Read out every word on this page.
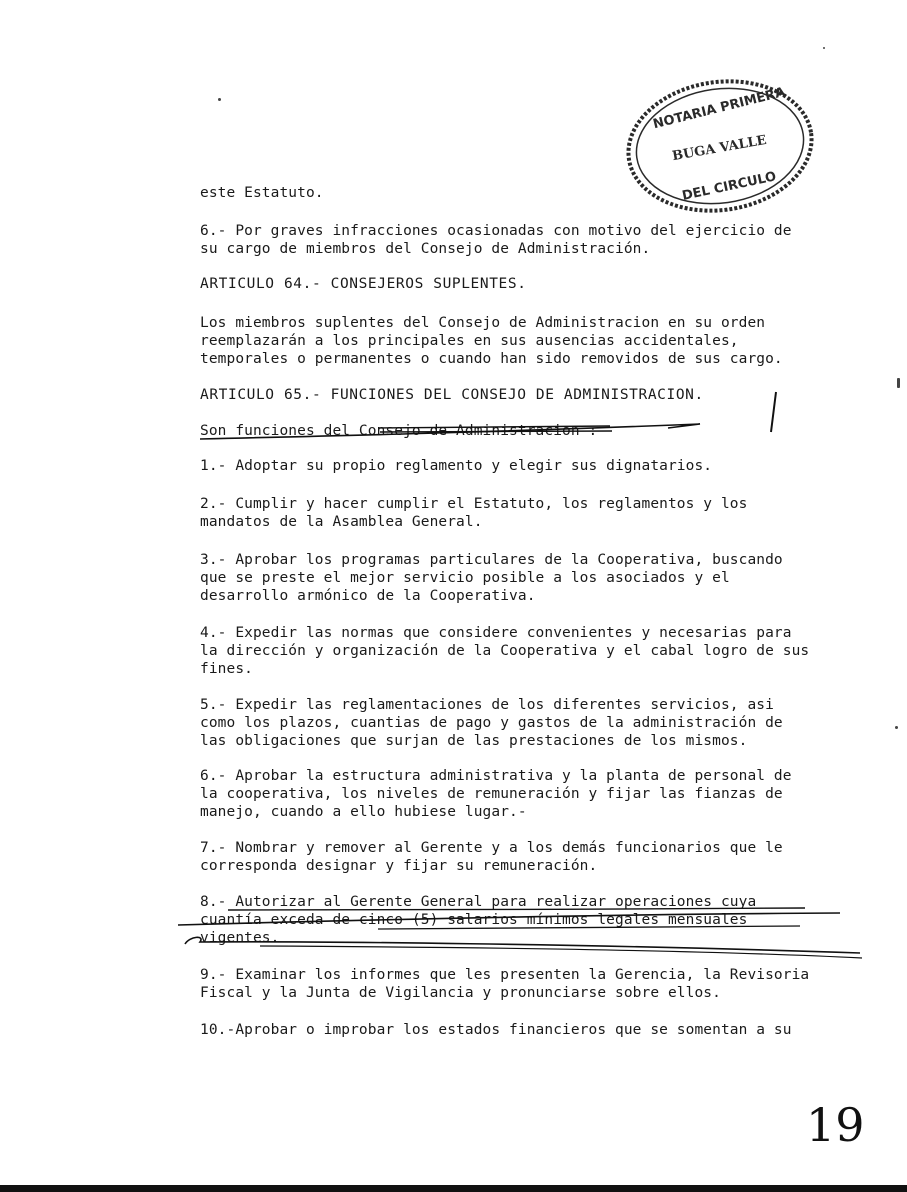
este Estatuto.
6.- Por graves infracciones ocasionadas con motivo del ejercicio de
su cargo de miembros del Consejo de Administración.
ARTICULO 64.- CONSEJEROS SUPLENTES.
Los miembros suplentes del Consejo de Administracion en su orden
reemplazarán a los principales en sus ausencias accidentales,
temporales o permanentes o cuando han sido removidos de sus cargo.
ARTICULO 65.- FUNCIONES DEL CONSEJO DE ADMINISTRACION.
Son funciones del Consejo de Administracion :
1.- Adoptar su propio reglamento y elegir sus dignatarios.
2.- Cumplir y hacer cumplir el Estatuto, los reglamentos y los
mandatos de la Asamblea General.
3.- Aprobar los programas particulares de la Cooperativa, buscando
que se preste el mejor servicio posible a los asociados y el
desarrollo armónico de la Cooperativa.
4.- Expedir las normas que considere convenientes y necesarias para
la dirección y organización de la Cooperativa y el cabal logro de sus
fines.
5.- Expedir las reglamentaciones de los diferentes servicios, asi
como los plazos, cuantias de pago y gastos de la administración de
las obligaciones que surjan de las prestaciones de los mismos.
6.- Aprobar la estructura administrativa y la planta de personal de
la cooperativa, los niveles de remuneración y fijar las fianzas de
manejo, cuando a ello hubiese lugar.-
7.- Nombrar y remover al Gerente y a los demás funcionarios que le
corresponda designar y fijar su remuneración.
8.- Autorizar al Gerente General para realizar operaciones cuya
cuantía exceda de cinco (5) salarios mínimos legales mensuales
vigentes.
9.- Examinar los informes que les presenten la Gerencia, la Revisoria
Fiscal y la Junta de Vigilancia y pronunciarse sobre ellos.
10.-Aprobar o improbar los estados financieros que se somentan a su
NOTARIA PRIMERA
BUGA VALLE
DEL CIRCULO
19
